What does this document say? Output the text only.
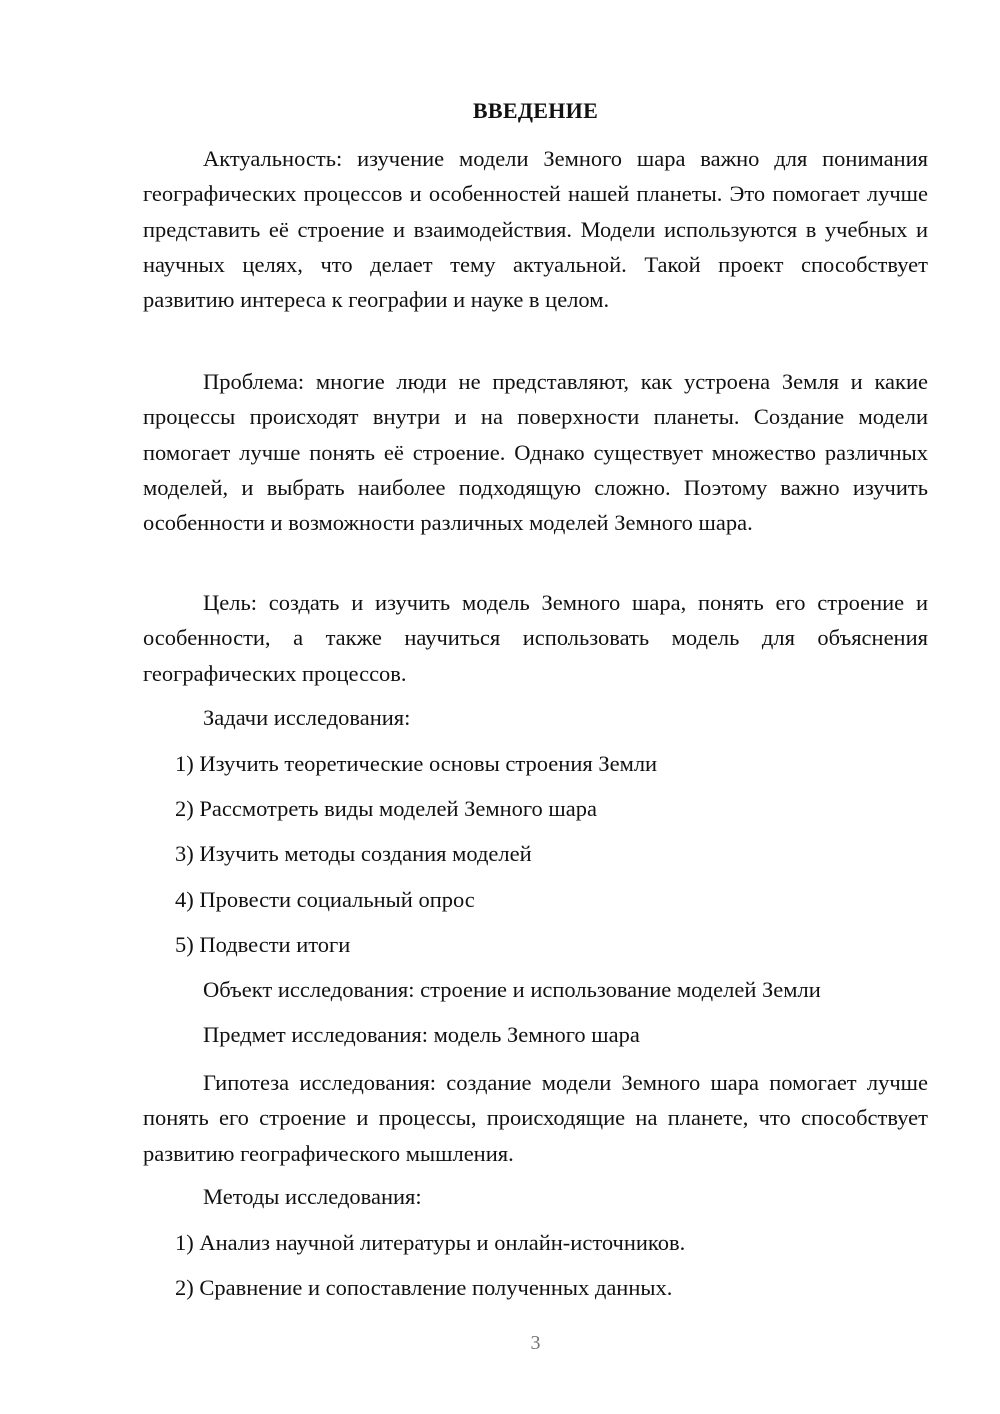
ВВЕДЕНИЕ

Актуальность: изучение модели Земного шара важно для понимания географических процессов и особенностей нашей планеты. Это помогает лучше представить её строение и взаимодействия. Модели используются в учебных и научных целях, что делает тему актуальной. Такой проект способствует развитию интереса к географии и науке в целом.

Проблема: многие люди не представляют, как устроена Земля и какие процессы происходят внутри и на поверхности планеты. Создание модели помогает лучше понять её строение. Однако существует множество различных моделей, и выбрать наиболее подходящую сложно. Поэтому важно изучить особенности и возможности различных моделей Земного шара.

Цель: создать и изучить модель Земного шара, понять его строение и особенности, а также научиться использовать модель для объяснения географических процессов.

Задачи исследования:
1) Изучить теоретические основы строения Земли
2) Рассмотреть виды моделей Земного шара
3) Изучить методы создания моделей
4) Провести социальный опрос
5) Подвести итоги
Объект исследования: строение и использование моделей Земли
Предмет исследования: модель Земного шара

Гипотеза исследования: создание модели Земного шара помогает лучше понять его строение и процессы, происходящие на планете, что способствует развитию географического мышления.

Методы исследования:
1) Анализ научной литературы и онлайн-источников.
2) Сравнение и сопоставление полученных данных.
3
